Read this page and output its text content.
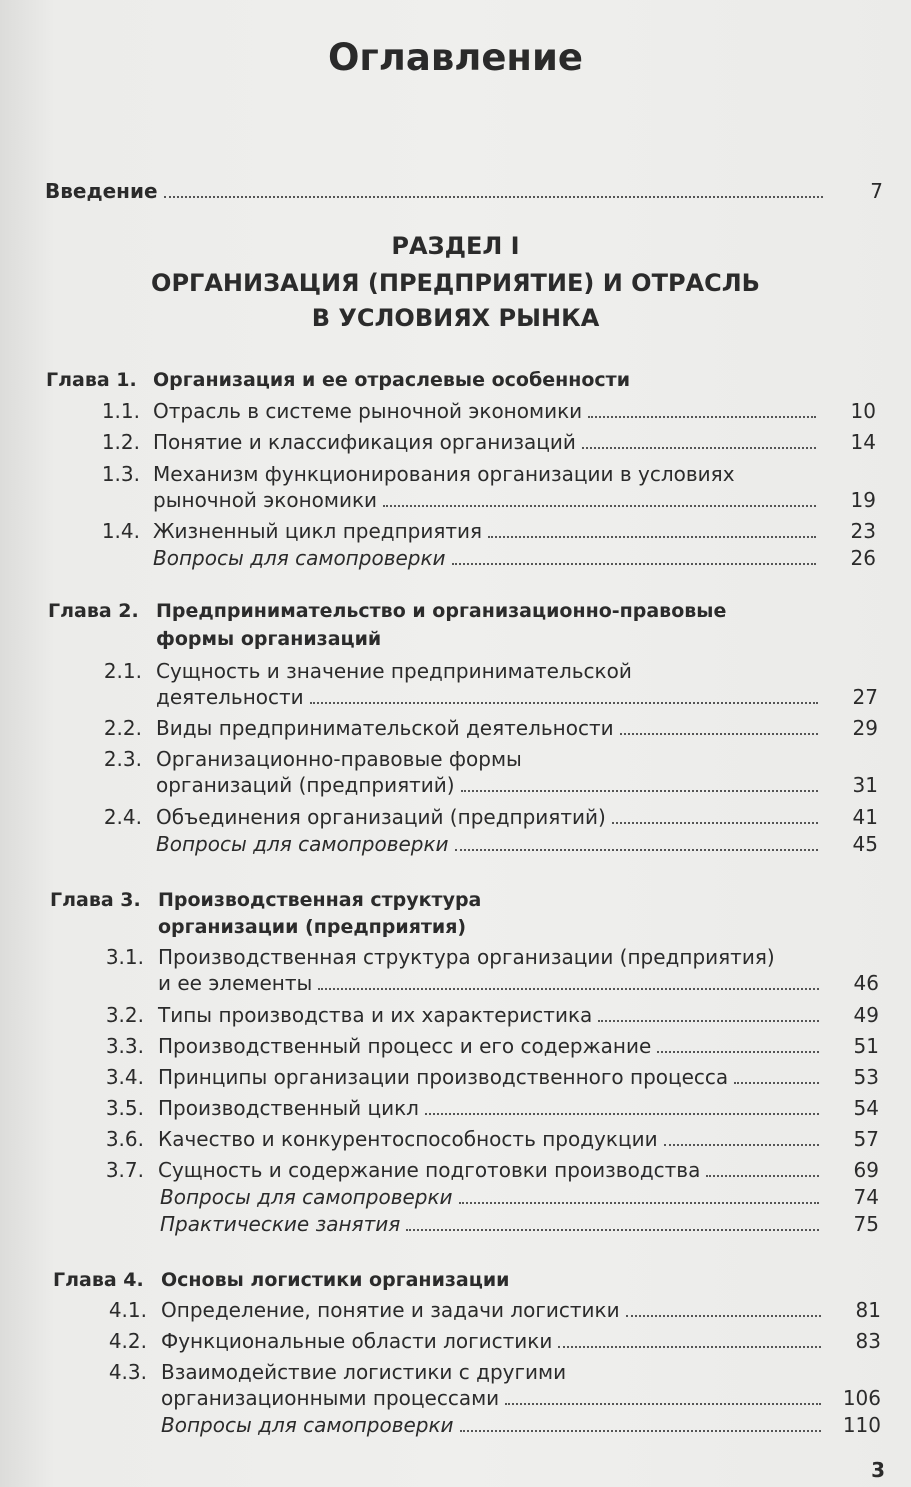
Оглавление
Введение	7
РАЗДЕЛ I
ОРГАНИЗАЦИЯ (ПРЕДПРИЯТИЕ) И ОТРАСЛЬ
В УСЛОВИЯХ РЫНКА
Глава 1. Организация и ее отраслевые особенности
1.1. Отрасль в системе рыночной экономики	10
1.2. Понятие и классификация организаций	14
1.3. Механизм функционирования организации в условиях
рыночной экономики	19
1.4. Жизненный цикл предприятия	23
Вопросы для самопроверки	26
Глава 2. Предпринимательство и организационно-правовые
формы организаций
2.1. Сущность и значение предпринимательской
деятельности	27
2.2. Виды предпринимательской деятельности	29
2.3. Организационно-правовые формы
организаций (предприятий)	31
2.4. Объединения организаций (предприятий)	41
Вопросы для самопроверки	45
Глава 3. Производственная структура
организации (предприятия)
3.1. Производственная структура организации (предприятия)
и ее элементы	46
3.2. Типы производства и их характеристика	49
3.3. Производственный процесс и его содержание	51
3.4. Принципы организации производственного процесса	53
3.5. Производственный цикл	54
3.6. Качество и конкурентоспособность продукции	57
3.7. Сущность и содержание подготовки производства	69
Вопросы для самопроверки	74
Практические занятия	75
Глава 4. Основы логистики организации
4.1. Определение, понятие и задачи логистики	81
4.2. Функциональные области логистики	83
4.3. Взаимодействие логистики с другими
организационными процессами	106
Вопросы для самопроверки	110
3
